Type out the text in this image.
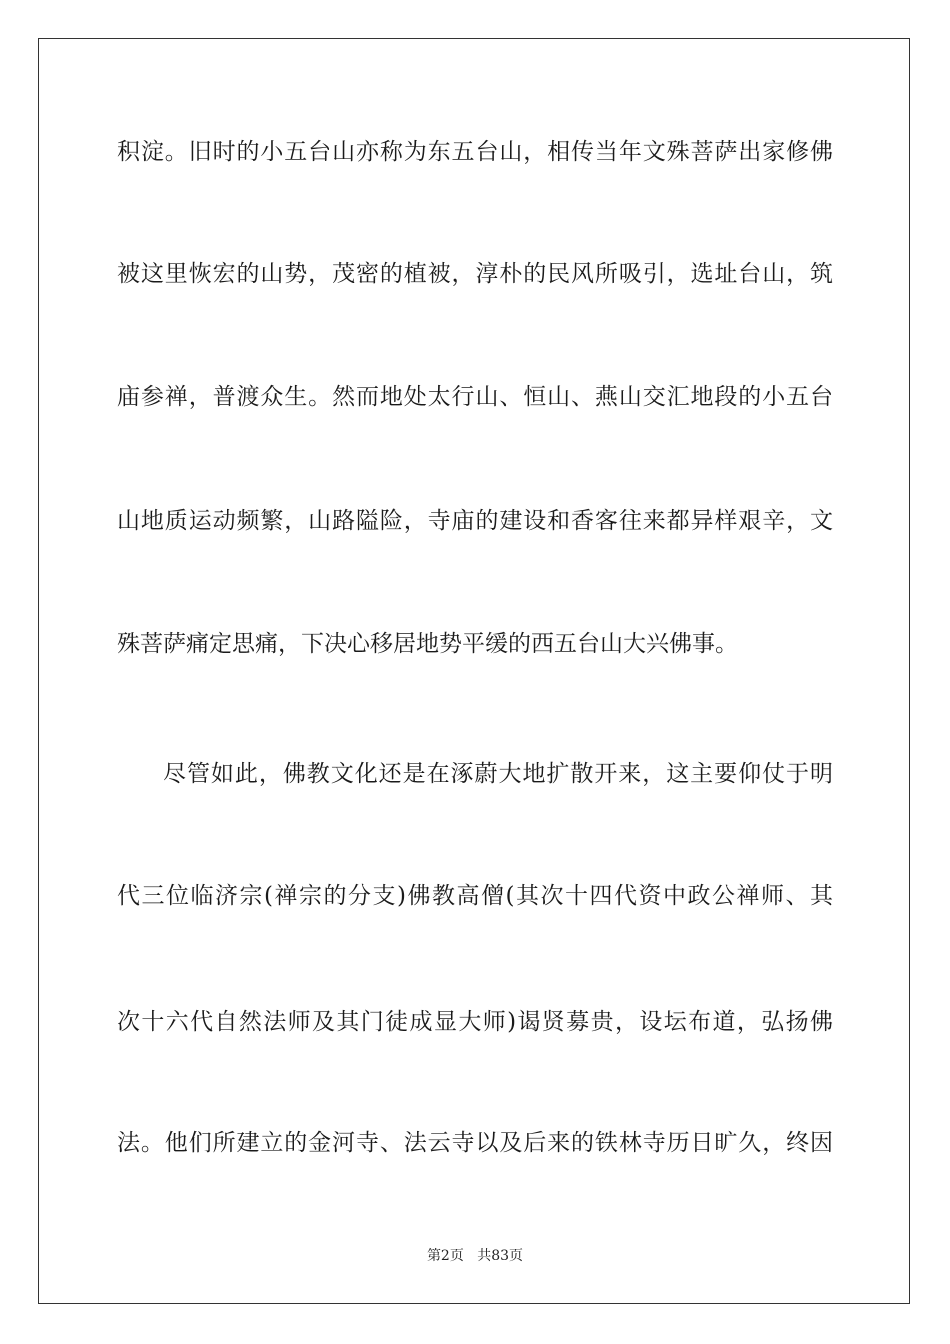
积淀。旧时的小五台山亦称为东五台山，相传当年文殊菩萨出家修佛
被这里恢宏的山势，茂密的植被，淳朴的民风所吸引，选址台山，筑
庙参禅，普渡众生。然而地处太行山、恒山、燕山交汇地段的小五台
山地质运动频繁，山路隘险，寺庙的建设和香客往来都异样艰辛，文
殊菩萨痛定思痛，下决心移居地势平缓的西五台山大兴佛事。
尽管如此，佛教文化还是在涿蔚大地扩散开来，这主要仰仗于明
代三位临济宗(禅宗的分支)佛教高僧(其次十四代资中政公禅师、其
次十六代自然法师及其门徒成显大师)谒贤募贵，设坛布道，弘扬佛
法。他们所建立的金河寺、法云寺以及后来的铁林寺历日旷久，终因
第2页 共83页
